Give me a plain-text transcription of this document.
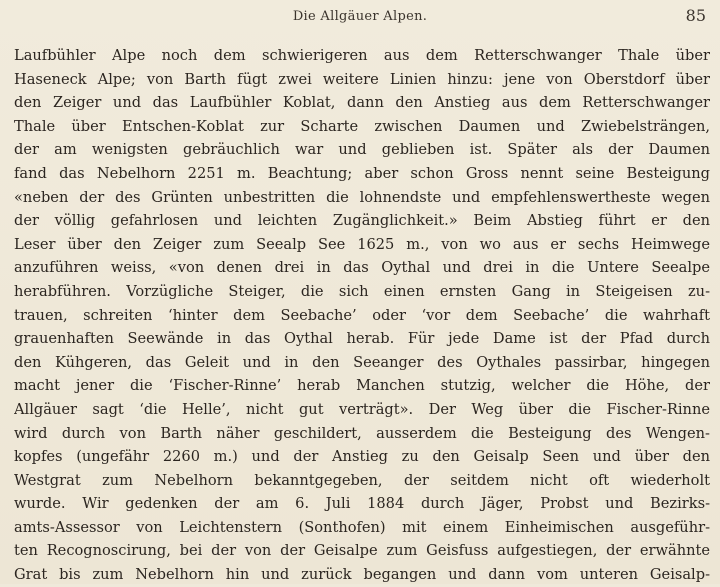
Die Allgäuer Alpen.	85
Laufbühler Alpe noch dem schwierigeren aus dem Retterschwanger Thale über
Haseneck Alpe; von Barth fügt zwei weitere Linien hinzu: jene von Oberstdorf über
den Zeiger und das Laufbühler Koblat, dann den Anstieg aus dem Retterschwanger
Thale über Entschen-Koblat zur Scharte zwischen Daumen und Zwiebelsträngen,
der am wenigsten gebräuchlich war und geblieben ist. Später als der Daumen
fand das Nebelhorn 2251 m. Beachtung; aber schon Gross nennt seine Besteigung
«neben der des Grünten unbestritten die lohnendste und empfehlenswertheste wegen
der völlig gefahrlosen und leichten Zugänglichkeit.» Beim Abstieg führt er den
Leser über den Zeiger zum Seealp See 1625 m., von wo aus er sechs Heimwege
anzuführen weiss, «von denen drei in das Oythal und drei in die Untere Seealpe
herabführen. Vorzügliche Steiger, die sich einen ernsten Gang in Steigeisen zu-
trauen, schreiten ‘hinter dem Seebache’ oder ‘vor dem Seebache’ die wahrhaft
grauenhaften Seewände in das Oythal herab. Für jede Dame ist der Pfad durch
den Kühgeren, das Geleit und in den Seeanger des Oythales passirbar, hingegen
macht jener die ‘Fischer-Rinne’ herab Manchen stutzig, welcher die Höhe, der
Allgäuer sagt ‘die Helle’, nicht gut verträgt». Der Weg über die Fischer-Rinne
wird durch von Barth näher geschildert, ausserdem die Besteigung des Wengen-
kopfes (ungefähr 2260 m.) und der Anstieg zu den Geisalp Seen und über den
Westgrat zum Nebelhorn bekanntgegeben, der seitdem nicht oft wiederholt
wurde. Wir gedenken der am 6. Juli 1884 durch Jäger, Probst und Bezirks-
amts-Assessor von Leichtenstern (Sonthofen) mit einem Einheimischen ausgeführ-
ten Recognoscirung, bei der von der Geisalpe zum Geisfuss aufgestiegen, der erwähnte
Grat bis zum Nebelhorn hin und zurück begangen und dann vom unteren Geisalp-
